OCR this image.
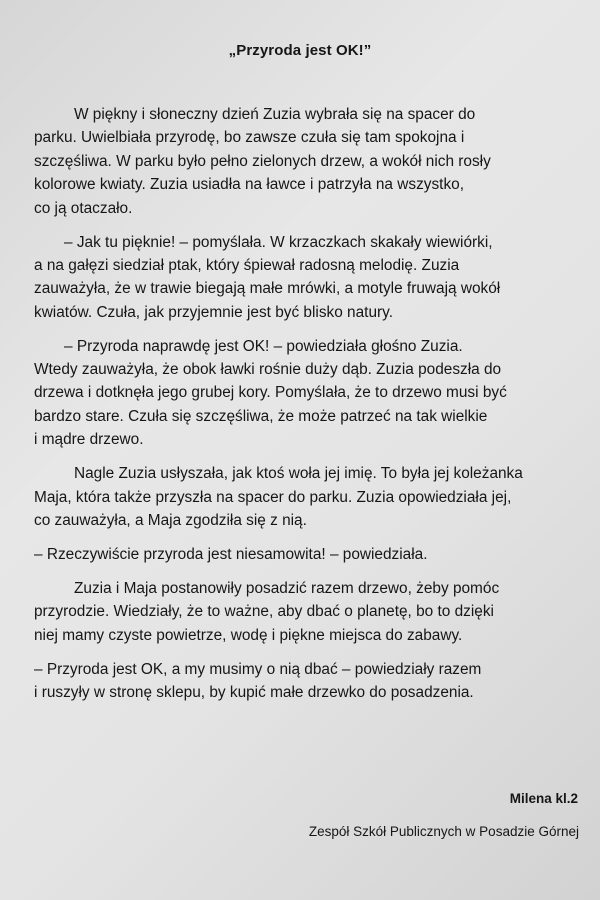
„Przyroda jest OK!”

W piękny i słoneczny dzień Zuzia wybrała się na spacer do
parku. Uwielbiała przyrodę, bo zawsze czuła się tam spokojna i
szczęśliwa. W parku było pełno zielonych drzew, a wokół nich rosły
kolorowe kwiaty. Zuzia usiadła na ławce i patrzyła na wszystko,
co ją otaczało.

– Jak tu pięknie! – pomyślała. W krzaczkach skakały wiewiórki,
a na gałęzi siedział ptak, który śpiewał radosną melodię. Zuzia
zauważyła, że w trawie biegają małe mrówki, a motyle fruwają wokół
kwiatów. Czuła, jak przyjemnie jest być blisko natury.

– Przyroda naprawdę jest OK! – powiedziała głośno Zuzia.
Wtedy zauważyła, że obok ławki rośnie duży dąb. Zuzia podeszła do
drzewa i dotknęła jego grubej kory. Pomyślała, że to drzewo musi być
bardzo stare. Czuła się szczęśliwa, że może patrzeć na tak wielkie
i mądre drzewo.

Nagle Zuzia usłyszała, jak ktoś woła jej imię. To była jej koleżanka
Maja, która także przyszła na spacer do parku. Zuzia opowiedziała jej,
co zauważyła, a Maja zgodziła się z nią.

– Rzeczywiście przyroda jest niesamowita! – powiedziała.

Zuzia i Maja postanowiły posadzić razem drzewo, żeby pomóc
przyrodzie. Wiedziały, że to ważne, aby dbać o planetę, bo to dzięki
niej mamy czyste powietrze, wodę i piękne miejsca do zabawy.

– Przyroda jest OK, a my musimy o nią dbać – powiedziały razem
i ruszyły w stronę sklepu, by kupić małe drzewko do posadzenia.

Milena kl.2
Zespół Szkół Publicznych w Posadzie Górnej
